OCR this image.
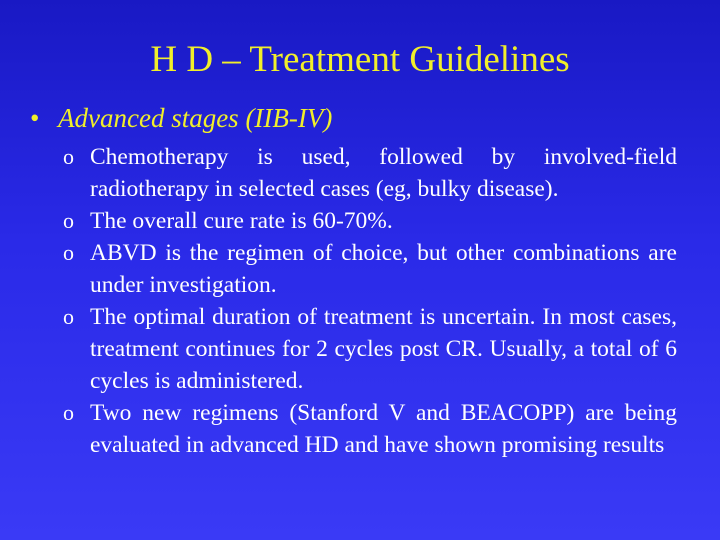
H D – Treatment Guidelines
• Advanced stages (IIB-IV)
o Chemotherapy is used, followed by involved-field radiotherapy in selected cases (eg, bulky disease).
o The overall cure rate is 60-70%.
o ABVD is the regimen of choice, but other combinations are under investigation.
o The optimal duration of treatment is uncertain. In most cases, treatment continues for 2 cycles post CR. Usually, a total of 6 cycles is administered.
o Two new regimens (Stanford V and BEACOPP) are being evaluated in advanced HD and have shown promising results
